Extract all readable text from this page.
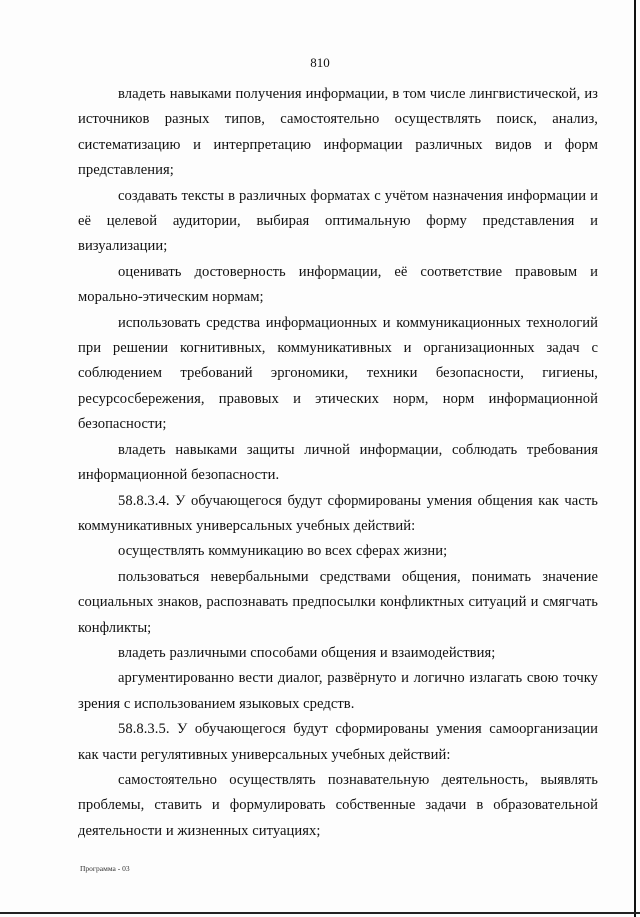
810

владеть навыками получения информации, в том числе лингвистической, из источников разных типов, самостоятельно осуществлять поиск, анализ, систематизацию и интерпретацию информации различных видов и форм представления;

создавать тексты в различных форматах с учётом назначения информации и её целевой аудитории, выбирая оптимальную форму представления и визуализации;

оценивать достоверность информации, её соответствие правовым и морально-этическим нормам;

использовать средства информационных и коммуникационных технологий при решении когнитивных, коммуникативных и организационных задач с соблюдением требований эргономики, техники безопасности, гигиены, ресурсосбережения, правовых и этических норм, норм информационной безопасности;

владеть навыками защиты личной информации, соблюдать требования информационной безопасности.

58.8.3.4. У обучающегося будут сформированы умения общения как часть коммуникативных универсальных учебных действий:

осуществлять коммуникацию во всех сферах жизни;

пользоваться невербальными средствами общения, понимать значение социальных знаков, распознавать предпосылки конфликтных ситуаций и смягчать конфликты;

владеть различными способами общения и взаимодействия;

аргументированно вести диалог, развёрнуто и логично излагать свою точку зрения с использованием языковых средств.

58.8.3.5. У обучающегося будут сформированы умения самоорганизации как части регулятивных универсальных учебных действий:

самостоятельно осуществлять познавательную деятельность, выявлять проблемы, ставить и формулировать собственные задачи в образовательной деятельности и жизненных ситуациях;

Программа - 03
